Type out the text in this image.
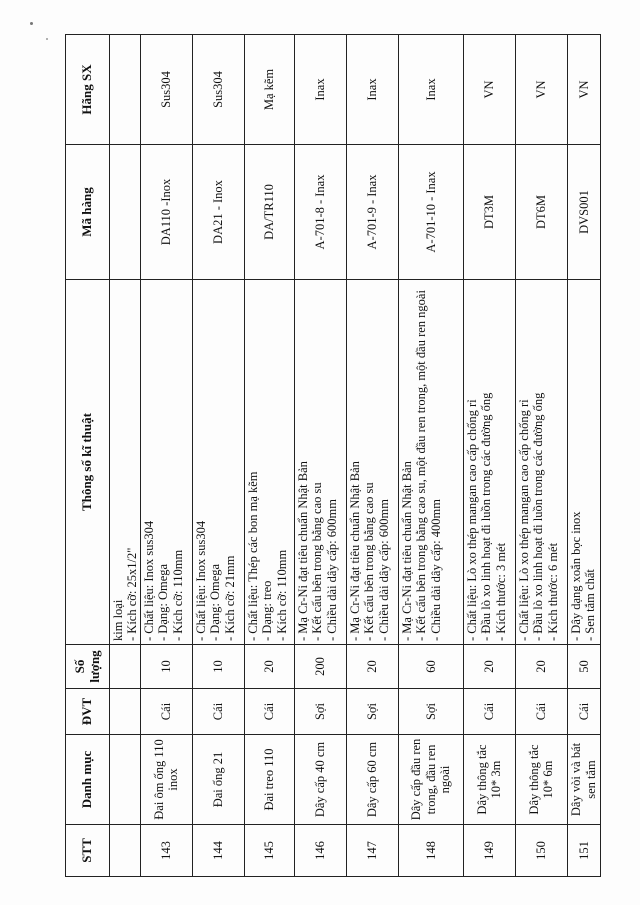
STT	Danh mục	ĐVT	Số lượng	Thông số kĩ thuật	Mã hàng	Hãng SX

				kim loại - Kích cỡ: 25x1/2"		

143	Đai ôm ống 110 inox	Cái	10	- Chất liệu: Inox sus304 - Dạng: Omega - Kích cỡ: 110mm	DA110 -Inox	Sus304
144	Đai ống 21	Cái	10	- Chất liệu: Inox sus304 - Dạng: Omega - Kích cỡ: 21mm	DA21 - Inox	Sus304
145	Đai treo 110	Cái	20	- Chất liệu: Thép các bon mạ kẽm - Dạng: treo - Kích cỡ: 110mm	DA/TR110	Mạ kẽm
146	Dây cấp 40 cm	Sợi	200	- Mạ Cr-Ni đạt tiêu chuẩn Nhật Bản - Kết cấu bên trong bằng cao su - Chiều dài dây cấp: 600mm	A-701-8 - Inax	Inax
147	Dây cấp 60 cm	Sợi	20	- Mạ Cr-Ni đạt tiêu chuẩn Nhật Bản - Kết cấu bên trong bằng cao su - Chiều dài dây cấp: 600mm	A-701-9 - Inax	Inax
148	Dây cấp đầu ren trong, đầu ren ngoài	Sợi	60	- Mạ Cr-Ni đạt tiêu chuẩn Nhật Bản - Kết cấu bên trong bằng cao su, một đầu ren trong, một đầu ren ngoài - Chiều dài dây cấp: 400mm	A-701-10 - Inax	Inax
149	Dây thông tắc 10* 3m	Cái	20	- Chất liệu: Lò xo thép mangan cao cấp chống rỉ - Đầu lò xo linh hoạt đi luồn trong các đường ống - Kích thước: 3 mét	DT3M	VN
150	Dây thông tắc 10* 6m	Cái	20	- Chất liệu: Lò xo thép mangan cao cấp chống rỉ - Đầu lò xo linh hoạt đi luồn trong các đường ống - Kích thước: 6 mét	DT6M	VN
151	Dây vòi và bát sen tắm	Cái	50	- Dây dạng xoắn bọc inox - Sen tắm chất	DVS001	VN
